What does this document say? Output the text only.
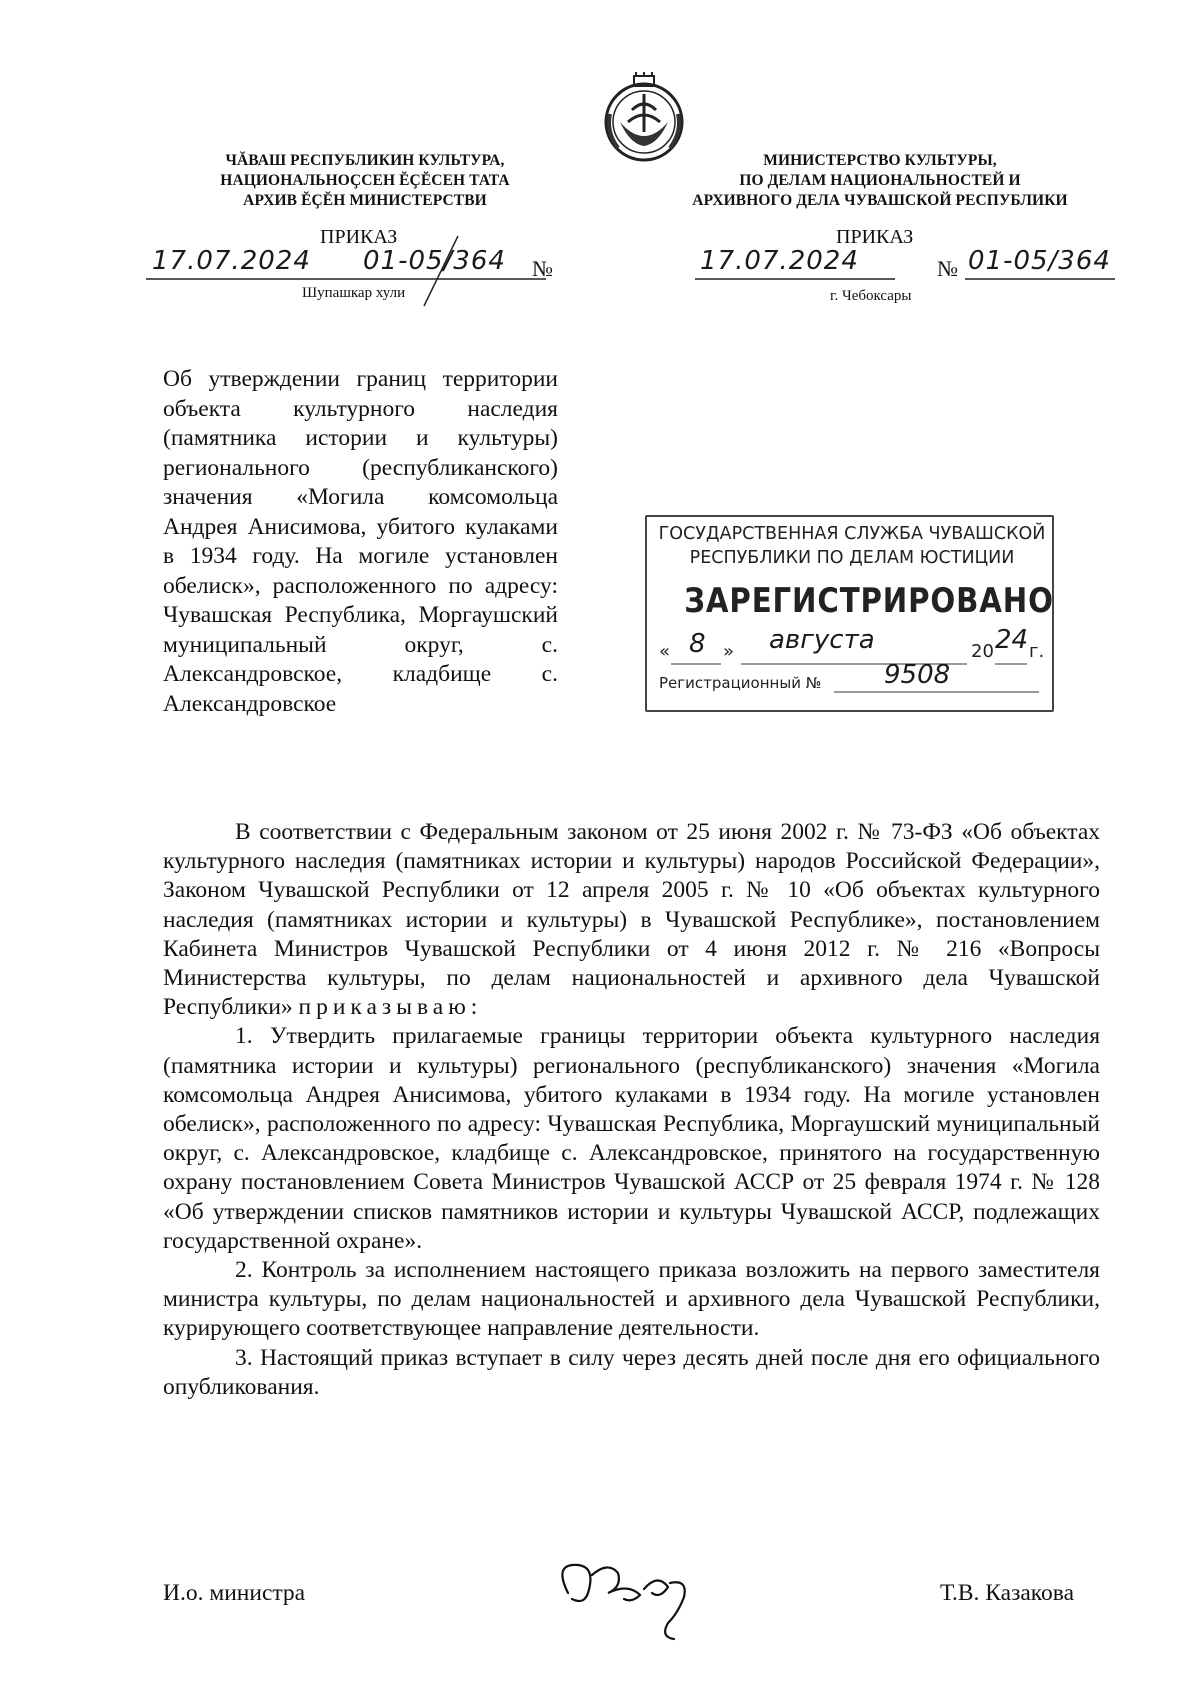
ЧĂВАШ РЕСПУБЛИКИН КУЛЬТУРА,
НАЦИОНАЛЬНОҪСЕН ĔҪĔСЕН ТАТА
АРХИВ ĔҪĔН МИНИСТЕРСТВИ
МИНИСТЕРСТВО КУЛЬТУРЫ,
ПО ДЕЛАМ НАЦИОНАЛЬНОСТЕЙ И
АРХИВНОГО ДЕЛА ЧУВАШСКОЙ РЕСПУБЛИКИ
ПРИКАЗ
17.07.2024 01-05/364 №
Шупашкар хули
ПРИКАЗ
17.07.2024	№ 01-05/364
г. Чебоксары
Об утверждении границ территории объекта культурного наследия (памятника истории и культуры) регионального (республиканского) значения «Могила комсомольца Андрея Анисимова, убитого кулаками в 1934 году. На могиле установлен обелиск», расположенного по адресу: Чувашская Республика, Моргаушский муниципальный округ, с. Александровское, кладбище с. Александровское
ГОСУДАРСТВЕННАЯ СЛУЖБА ЧУВАШСКОЙ
РЕСПУБЛИКИ ПО ДЕЛАМ ЮСТИЦИИ
ЗАРЕГИСТРИРОВАНО
« 8 » августа	20 24 г.
Регистрационный № 9508

В соответствии с Федеральным законом от 25 июня 2002 г. № 73-ФЗ «Об объектах культурного наследия (памятниках истории и культуры) народов Российской Федерации», Законом Чувашской Республики от 12 апреля 2005 г. № 10 «Об объектах культурного наследия (памятниках истории и культуры) в Чувашской Республике», постановлением Кабинета Министров Чувашской Республики от 4 июня 2012 г. № 216 «Вопросы Министерства культуры, по делам национальностей и архивного дела Чувашской Республики» приказываю:

1. Утвердить прилагаемые границы территории объекта культурного наследия (памятника истории и культуры) регионального (республиканского) значения «Могила комсомольца Андрея Анисимова, убитого кулаками в 1934 году. На могиле установлен обелиск», расположенного по адресу: Чувашская Республика, Моргаушский муниципальный округ, с. Александровское, кладбище с. Александровское, принятого на государственную охрану постановлением Совета Министров Чувашской АССР от 25 февраля 1974 г. № 128 «Об утверждении списков памятников истории и культуры Чувашской АССР, подлежащих государственной охране».

2. Контроль за исполнением настоящего приказа возложить на первого заместителя министра культуры, по делам национальностей и архивного дела Чувашской Республики, курирующего соответствующее направление деятельности.

3. Настоящий приказ вступает в силу через десять дней после дня его официального опубликования.

И.о. министра	Т.В. Казакова
